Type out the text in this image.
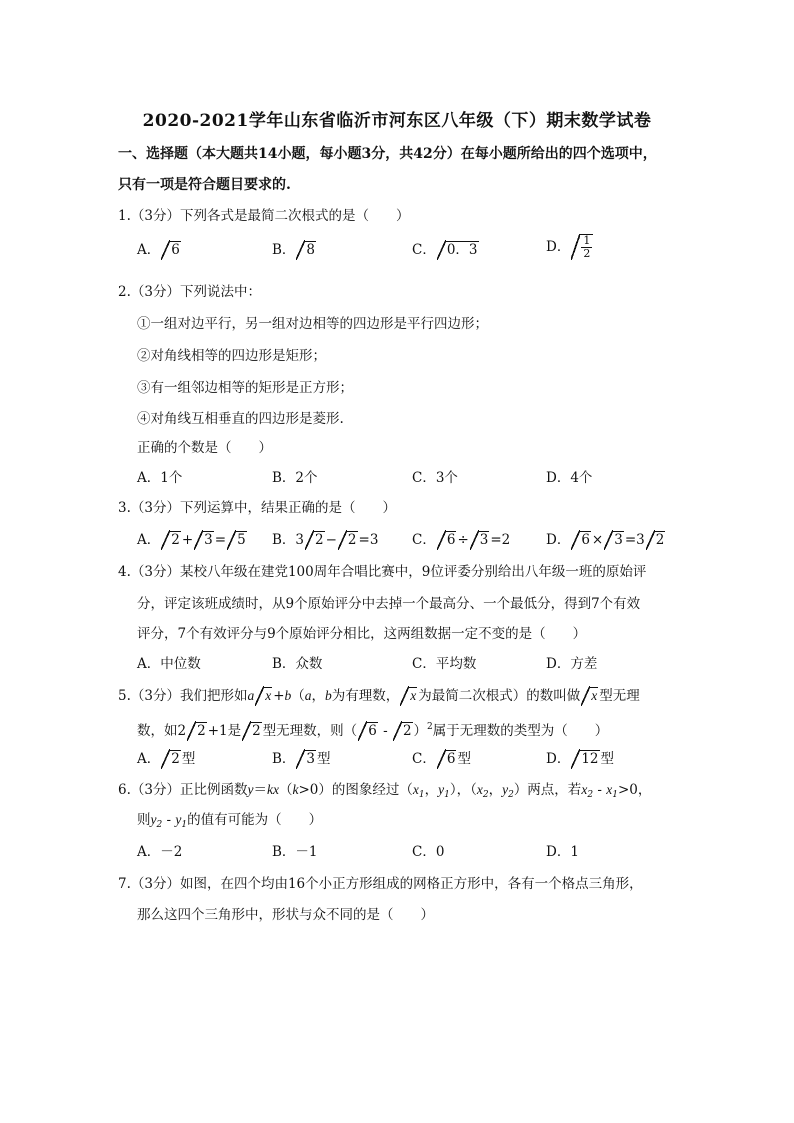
2020-2021学年山东省临沂市河东区八年级（下）期末数学试卷
一、选择题（本大题共14小题，每小题3分，共42分）在每小题所给出的四个选项中，
只有一项是符合题目要求的.
1.（3分）下列各式是最简二次根式的是（　　）
A． 6	B． 8	C． 0．3	D． $\frac{1}{2}$
2.（3分）下列说法中：
①一组对边平行，另一组对边相等的四边形是平行四边形；
②对角线相等的四边形是矩形；
③有一组邻边相等的矩形是正方形；
④对角线互相垂直的四边形是菱形.
正确的个数是（　　）
A．1个	B．2个	C．3个	D．4个
3.（3分）下列运算中，结果正确的是（　　）
A． 2 + 3 = 5 B．3 2 − 2 =3 C． 6 ÷ 3 =2	D． 6 × 3 =3 2
4.（3分）某校八年级在建党100周年合唱比赛中，9位评委分别给出八年级一班的原始评
分，评定该班成绩时，从9个原始评分中去掉一个最高分、一个最低分，得到7个有效
评分，7个有效评分与9个原始评分相比，这两组数据一定不变的是（　　）
A．中位数	B．众数	C．平均数	D．方差
5.（3分）我们把形如a x +b（a，b为有理数， x 为最简二次根式）的数叫做 x 型无理
数，如2 2 +1是 2 型无理数，则（ 6 - 2 ）$^2$属于无理数的类型为（　　）
A． 2 型	B． 3 型	C． 6 型	D． 12 型
6.（3分）正比例函数y＝kx（k>0）的图象经过（$x_1$，$y_1$），（$x_2$，$y_2$）两点，若$x_2 - x_1>0$，
则$y_2 - y_1$的值有可能为（　　）
A．－2	B．－1	C．0	D．1
7.（3分）如图，在四个均由16个小正方形组成的网格正方形中，各有一个格点三角形，
那么这四个三角形中，形状与众不同的是（　　）
